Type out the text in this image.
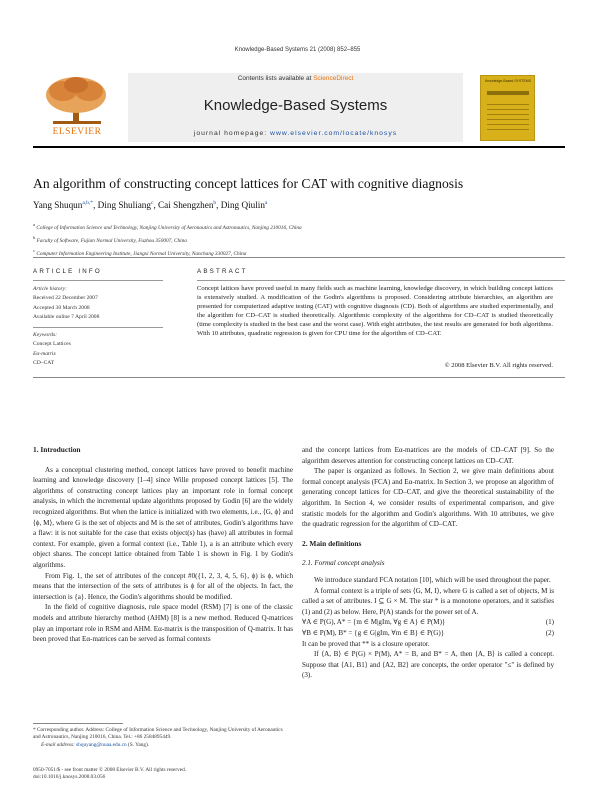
Knowledge-Based Systems 21 (2008) 852–855
ELSEVIER
Contents lists available at ScienceDirect
Knowledge-Based Systems
journal homepage: www.elsevier.com/locate/knosys
Knowledge-Based SYSTEMS
An algorithm of constructing concept lattices for CAT with cognitive diagnosis
Yang Shuqun$^{a,b,*}$, Ding Shuliang$^c$, Cai Shengzhen$^b$, Ding Qiulin$^a$
$^a$ College of Information Science and Technology, Nanjing University of Aeronautics and Astronautics, Nanjing 210016, China
$^b$ Faculty of Software, Fujian Normal University, Fuzhou 350007, China
$^c$ Computer Information Engineering Institute, Jiangxi Normal University, Nanchang 330027, China
ARTICLE INFO
Article history:
Received 22 December 2007
Accepted 30 March 2008
Available online 7 April 2008
Keywords:
Concept Lattices
Eα-matrix
CD–CAT
ABSTRACT
Concept lattices have proved useful in many fields such as machine learning, knowledge discovery, in which building concept lattices is extensively studied. A modification of the Godin's algorithms is proposed. Considering attribute hierarchies, an algorithm are presented for computerized adaptive testing (CAT) with cognitive diagnosis (CD). Both of algorithms are studied experimentally, and the algorithm for CD–CAT is studied theoretically. Algorithmic complexity of the algorithms for CD–CAT is studied theoretically (time complexity is studied in the best case and the worst case). With eight attributes, the test results are generated for both algorithms. With 10 attributes, quadratic regression is given for CPU time for the algorithm of CD–CAT.
© 2008 Elsevier B.V. All rights reserved.
1. Introduction

As a conceptual clustering method, concept lattices have proved to benefit machine learning and knowledge discovery [1–4] since Wille proposed concept lattices [5]. The algorithms of constructing concept lattices play an important role in formal concept analysis, in which the incremental update algorithms proposed by Godin [6] are the widely recognized algorithms. But when the lattice is initialized with two elements, i.e., ⟨G, ϕ⟩ and ⟨ϕ, M⟩, where G is the set of objects and M is the set of attributes, Godin's algorithms have a flaw: it is not suitable for the case that exists object(s) has (have) all attributes in formal context. For example, given a formal context (i.e., Table 1), a is an attribute which every object shares. The concept lattice obtained from Table 1 is shown in Fig. 1 by Godin's algorithms.

From Fig. 1, the set of attributes of the concept #0({1, 2, 3, 4, 5, 6}, ϕ) is ϕ, which means that the intersection of the sets of attributes is ϕ for all of the objects. In fact, the intersection is {a}. Hence, the Godin's algorithms should be modified.

In the field of cognitive diagnosis, rule space model (RSM) [7] is one of the classic models and attribute hierarchy method (AHM) [8] is a new method. Reduced Q-matrices play an important role in RSM and AHM. Eα-matrix is the transposition of Q-matrix. It has been proved that Eα-matrices can be served as formal contexts

and the concept lattices from Eα-matrices are the models of CD–CAT [9]. So the algorithm deserves attention for constructing concept lattices on CD–CAT.

The paper is organized as follows. In Section 2, we give main definitions about formal concept analysis (FCA) and Eα-matrix. In Section 3, we propose an algorithm of generating concept lattices for CD–CAT, and give the theoretical sustainability of the algorithm. In Section 4, we consider results of experimental comparison, and give statistic models for the algorithm and Godin's algorithms. With 10 attributes, we give the quadratic regression for the algorithm of CD–CAT.

2. Main definitions
2.1. Formal concept analysis

We introduce standard FCA notation [10], which will be used throughout the paper.

A formal context is a triple of sets ⟨G, M, I⟩, where G is called a set of objects, M is called a set of attributes. I ⊆ G × M. The star * is a monotone operators, and it satisfies (1) and (2) as below. Here, P(A) stands for the power set of A.

∀A ∈ P(G), A* = {m ∈ M|gIm, ∀g ∈ A} ∈ P(M)}	(1)
∀B ∈ P(M), B* = {g ∈ G|gIm, ∀m ∈ B} ∈ P(G)}	(2)

It can be proved that ** is a closure operator.

If ⟨A, B⟩ ∈ P(G) × P(M), A* = B, and B* = A, then ⟨A, B⟩ is called a concept. Suppose that ⟨A1, B1⟩ and ⟨A2, B2⟩ are concepts, the order operator "≤" is defined by (3).

* Corresponding author. Address: College of Information Science and Technology, Nanjing University of Aeronautics and Astronautics, Nanjing 210016, China. Tel.: +86 2584895449.
E-mail address: shquyang@nuaa.edu.cn (S. Yang).
0950-7051/$ - see front matter © 2008 Elsevier B.V. All rights reserved.
doi:10.1016/j.knosys.2008.03.056
